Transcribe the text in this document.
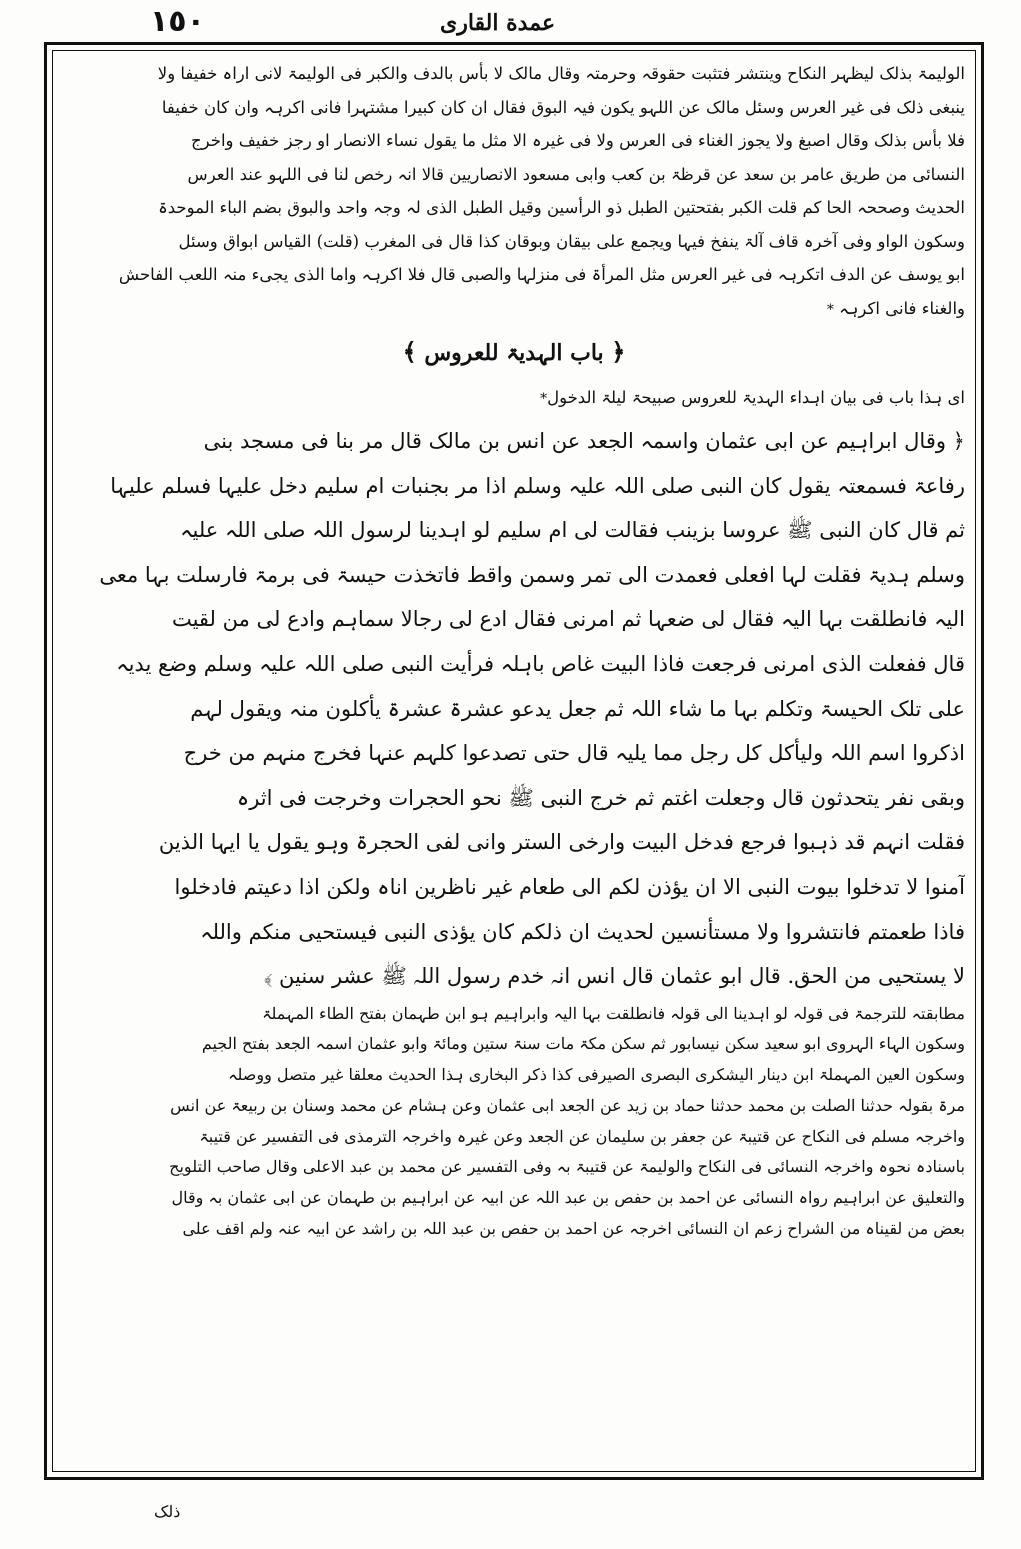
١٥٠	عمدة القاری
الولیمۃ بذلک لیظہر النکاح وینتشر فتثبت حقوقہ وحرمتہ وقال مالک لا بأس بالدف والکبر فی الولیمۃ لانی اراہ خفیفا ولا
ینبغی ذلک فی غیر العرس وسئل مالک عن اللہو یکون فیہ البوق فقال ان کان کبیرا مشتہرا فانی اکرہہ وان کان خفیفا
فلا بأس بذلک وقال اصبغ ولا یجوز الغناء فی العرس ولا فی غیرہ الا مثل ما یقول نساء الانصار او رجز خفیف واخرج
النسائی من طریق عامر بن سعد عن قرظۃ بن کعب وابی مسعود الانصاریین قالا انہ رخص لنا فی اللہو عند العرس
الحدیث وصححہ الحا کم قلت الکبر بفتحتین الطبل ذو الرأسین وقیل الطبل الذی لہ وجہ واحد والبوق بضم الباء الموحدۃ
وسکون الواو وفی آخرہ قاف آلۃ ینفخ فیہا ویجمع علی بیقان وبوقان کذا قال فی المغرب (قلت) القیاس ابواق وسئل
ابو یوسف عن الدف اتکرہہ فی غیر العرس مثل المرأۃ فی منزلہا والصبی قال فلا اکرہہ واما الذی یجیء منہ اللعب الفاحش
والغناء فانی اکرہہ *
﴿ باب الہدیۃ للعروس ﴾
ای ہذا باب فی بیان اہداء الہدیۃ للعروس صبیحۃ لیلۃ الدخول*
﴿ وقال ابراہیم عن ابی عثمان واسمہ الجعد عن انس بن مالک قال مر بنا فی مسجد بنی
رفاعۃ فسمعتہ یقول کان النبی صلی اللہ علیہ وسلم اذا مر بجنبات ام سلیم دخل علیہا فسلم علیہا
ثم قال کان النبی ﷺ عروسا بزینب فقالت لی ام سلیم لو اہدینا لرسول اللہ صلی اللہ علیہ
وسلم ہدیۃ فقلت لہا افعلی فعمدت الی تمر وسمن واقط فاتخذت حیسۃ فی برمۃ فارسلت بہا معی
الیہ فانطلقت بہا الیہ فقال لی ضعہا ثم امرنی فقال ادع لی رجالا سماہم وادع لی من لقیت
قال ففعلت الذی امرنی فرجعت فاذا البیت غاص باہلہ فرأیت النبی صلی اللہ علیہ وسلم وضع یدیہ
علی تلک الحیسۃ وتکلم بہا ما شاء اللہ ثم جعل یدعو عشرۃ عشرۃ یأکلون منہ ویقول لہم
اذکروا اسم اللہ ولیأکل کل رجل مما یلیہ قال حتی تصدعوا کلہم عنہا فخرج منہم من خرج
وبقی نفر یتحدثون قال وجعلت اغتم ثم خرج النبی ﷺ نحو الحجرات وخرجت فی اثرہ
فقلت انہم قد ذہبوا فرجع فدخل البیت وارخی الستر وانی لفی الحجرۃ وہو یقول یا ایہا الذین
آمنوا لا تدخلوا بیوت النبی الا ان یؤذن لکم الی طعام غیر ناظرین اناہ ولکن اذا دعیتم فادخلوا
فاذا طعمتم فانتشروا ولا مستأنسین لحدیث ان ذلکم کان یؤذی النبی فیستحیی منکم واللہ
لا یستحیی من الحق. قال ابو عثمان قال انس انہ خدم رسول اللہ ﷺ عشر سنین ﴾
مطابقتہ للترجمۃ فی قولہ لو اہدینا الی قولہ فانطلقت بہا الیہ وابراہیم ہو ابن طہمان بفتح الطاء المہملۃ
وسکون الہاء الہروی ابو سعید سکن نیسابور ثم سکن مکۃ مات سنۃ ستین ومائۃ وابو عثمان اسمہ الجعد بفتح الجیم
وسکون العین المہملۃ ابن دینار الیشکری البصری الصیرفی کذا ذکر البخاری ہذا الحدیث معلقا غیر متصل ووصلہ
مرۃ بقولہ حدثنا الصلت بن محمد حدثنا حماد بن زید عن الجعد ابی عثمان وعن ہشام عن محمد وسنان بن ربیعۃ عن انس
واخرجہ مسلم فی النکاح عن قتیبۃ عن جعفر بن سلیمان عن الجعد وعن غیرہ واخرجہ الترمذی فی التفسیر عن قتیبۃ
باسنادہ نحوہ واخرجہ النسائی فی النکاح والولیمۃ عن قتیبۃ بہ وفی التفسیر عن محمد بن عبد الاعلی وقال صاحب التلویح
والتعلیق عن ابراہیم رواہ النسائی عن احمد بن حفص بن عبد اللہ عن ابیہ عن ابراہیم بن طہمان عن ابی عثمان بہ وقال
بعض من لقیناہ من الشراح زعم ان النسائی اخرجہ عن احمد بن حفص بن عبد اللہ بن راشد عن ابیہ عنہ ولم اقف علی
ذلک
